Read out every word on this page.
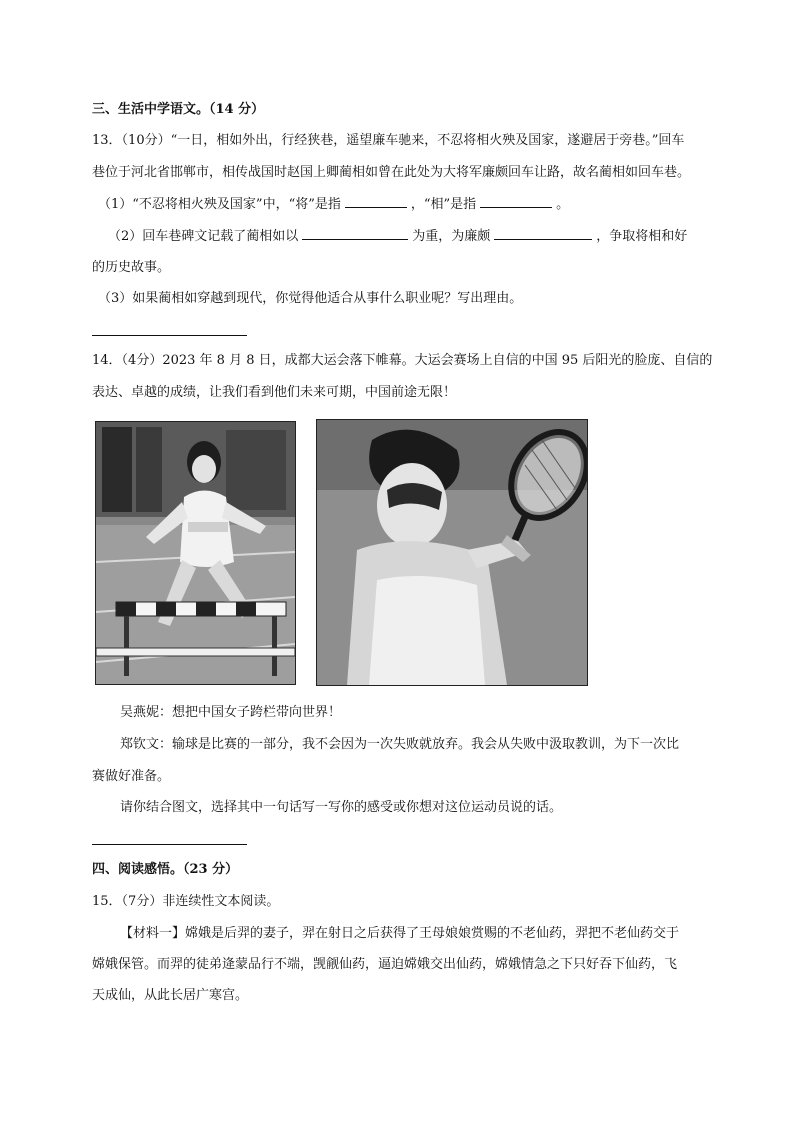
三、生活中学语文。（14 分）
13．（10分）“一日，相如外出，行经狭巷，遥望廉车驰来，不忍将相火殃及国家，遂避居于旁巷。”回车
巷位于河北省邯郸市，相传战国时赵国上卿蔺相如曾在此处为大将军廉颇回车让路，故名蔺相如回车巷。
（1）“不忍将相火殃及国家”中，“将”是指	，“相”是指	。
（2）回车巷碑文记载了蔺相如以	为重，为廉颇	，争取将相和好
的历史故事。
（3）如果蔺相如穿越到现代，你觉得他适合从事什么职业呢？写出理由。
14．（4分）2023 年 8 月 8 日，成都大运会落下帷幕。大运会赛场上自信的中国 95 后阳光的脸庞、自信的
表达、卓越的成绩，让我们看到他们未来可期，中国前途无限！
吴燕妮：想把中国女子跨栏带向世界！
郑钦文：输球是比赛的一部分，我不会因为一次失败就放弃。我会从失败中汲取教训，为下一次比
赛做好准备。
请你结合图文，选择其中一句话写一写你的感受或你想对这位运动员说的话。
四、阅读感悟。（23 分）
15．（7分）非连续性文本阅读。
【材料一】嫦娥是后羿的妻子，羿在射日之后获得了王母娘娘赏赐的不老仙药，羿把不老仙药交于
嫦娥保管。而羿的徒弟逄蒙品行不端，觊觎仙药，逼迫嫦娥交出仙药，嫦娥情急之下只好吞下仙药，飞
天成仙，从此长居广寒宫。
